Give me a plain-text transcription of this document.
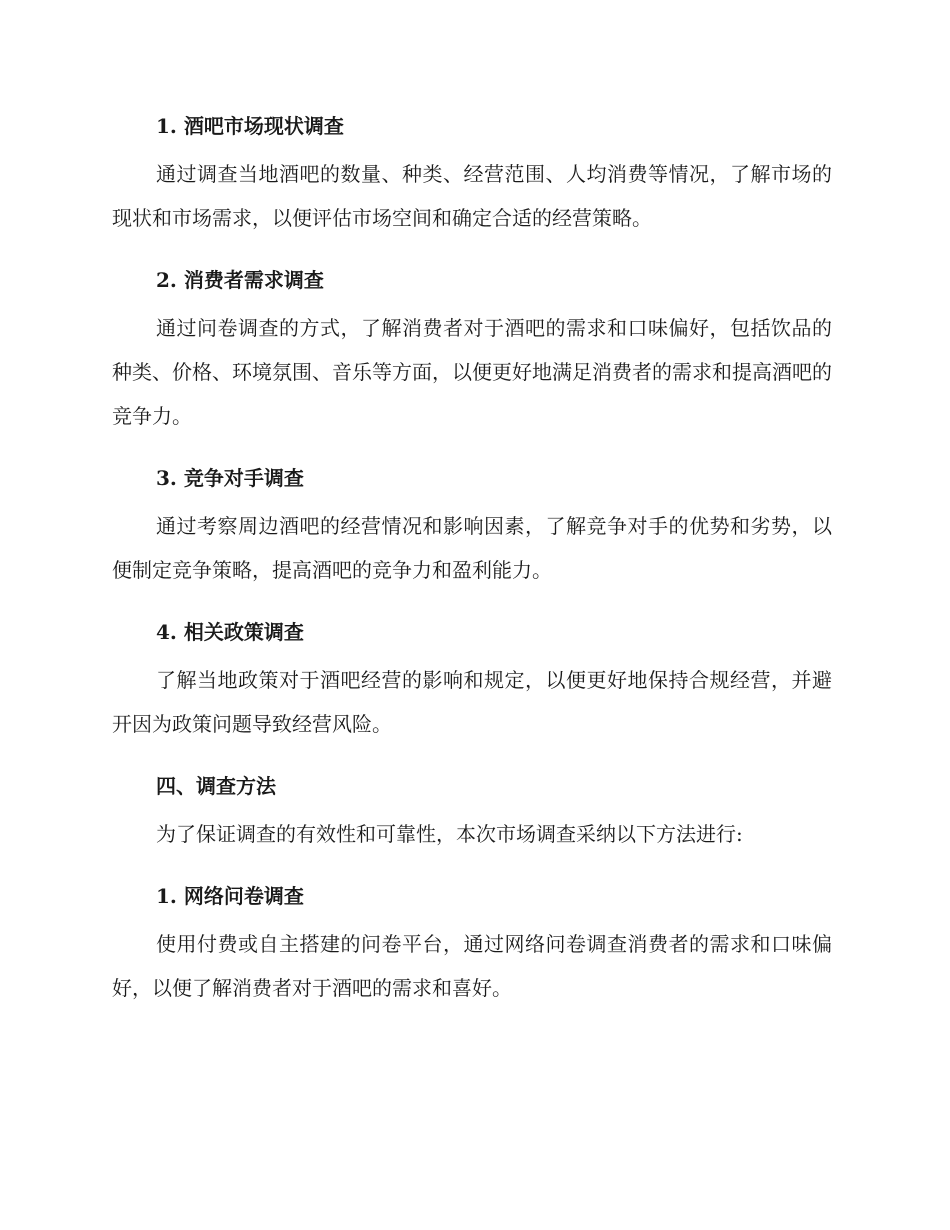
1. 酒吧市场现状调查

通过调查当地酒吧的数量、种类、经营范围、人均消费等情况，了解市场的现状和市场需求，以便评估市场空间和确定合适的经营策略。

2. 消费者需求调查

通过问卷调查的方式，了解消费者对于酒吧的需求和口味偏好，包括饮品的种类、价格、环境氛围、音乐等方面，以便更好地满足消费者的需求和提高酒吧的竞争力。

3. 竞争对手调查

通过考察周边酒吧的经营情况和影响因素，了解竞争对手的优势和劣势，以便制定竞争策略，提高酒吧的竞争力和盈利能力。

4. 相关政策调查

了解当地政策对于酒吧经营的影响和规定，以便更好地保持合规经营，并避开因为政策问题导致经营风险。

四、调查方法

为了保证调查的有效性和可靠性，本次市场调查采纳以下方法进行:

1. 网络问卷调查

使用付费或自主搭建的问卷平台，通过网络问卷调查消费者的需求和口味偏好，以便了解消费者对于酒吧的需求和喜好。
